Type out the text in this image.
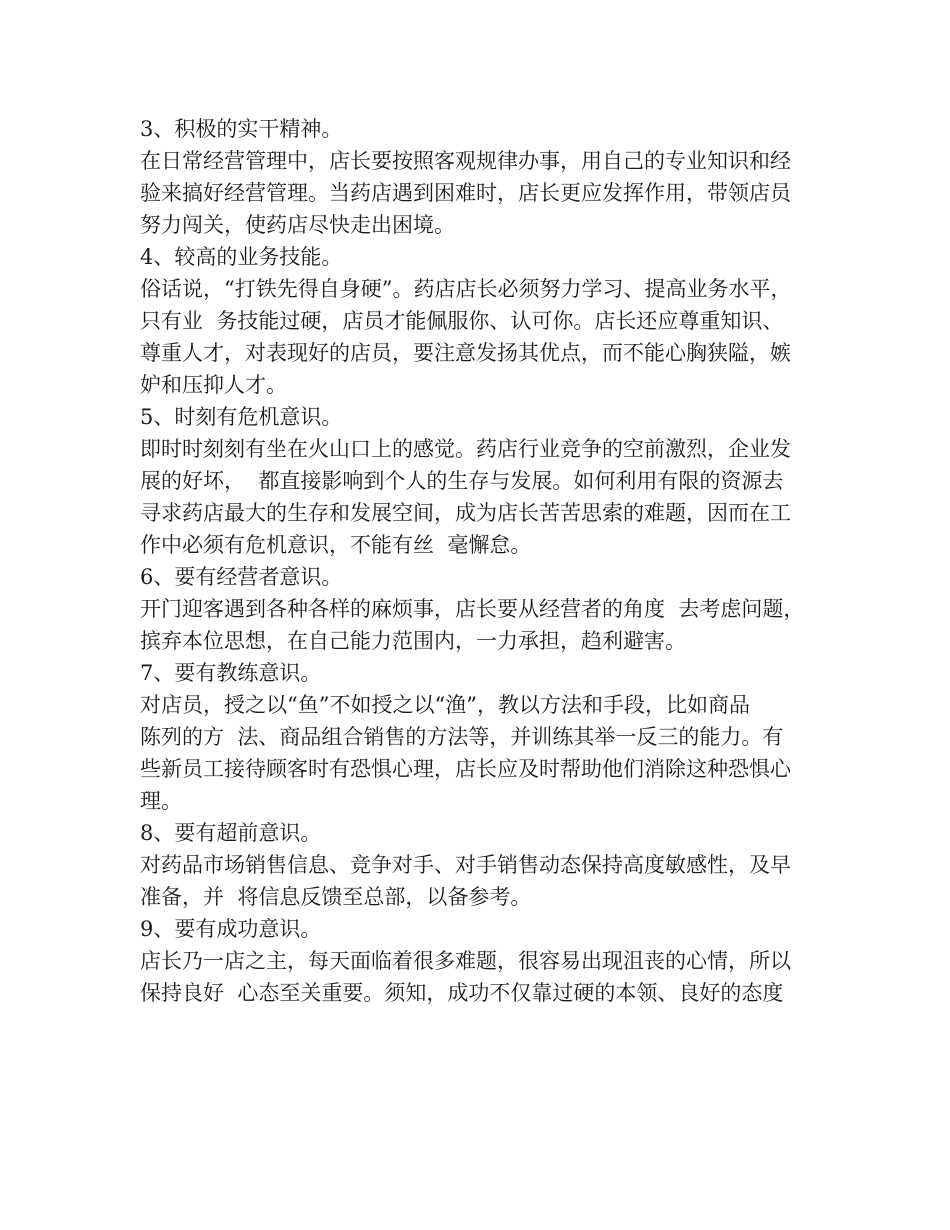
3、积极的实干精神。

在日常经营管理中，店长要按照客观规律办事，用自己的专业知识和经

验来搞好经营管理。当药店遇到困难时，店长更应发挥作用，带领店员

努力闯关，使药店尽快走出困境。

4、较高的业务技能。

俗话说，“打铁先得自身硬”。药店店长必须努力学习、提高业务水平，

只有业  务技能过硬，店员才能佩服你、认可你。店长还应尊重知识、

尊重人才，对表现好的店员，要注意发扬其优点，而不能心胸狭隘，嫉

妒和压抑人才。

5、时刻有危机意识。

即时时刻刻有坐在火山口上的感觉。药店行业竞争的空前激烈，企业发

展的好坏，  都直接影响到个人的生存与发展。如何利用有限的资源去

寻求药店最大的生存和发展空间，成为店长苦苦思索的难题，因而在工

作中必须有危机意识，不能有丝  毫懈怠。

6、要有经营者意识。

开门迎客遇到各种各样的麻烦事，店长要从经营者的角度  去考虑问题，

摈弃本位思想，在自己能力范围内，一力承担，趋利避害。

7、要有教练意识。

对店员，授之以“鱼”不如授之以“渔”，教以方法和手段，比如商品

陈列的方  法、商品组合销售的方法等，并训练其举一反三的能力。有

些新员工接待顾客时有恐惧心理，店长应及时帮助他们消除这种恐惧心

理。

8、要有超前意识。

对药品市场销售信息、竞争对手、对手销售动态保持高度敏感性，及早

准备，并  将信息反馈至总部，以备参考。

9、要有成功意识。

店长乃一店之主，每天面临着很多难题，很容易出现沮丧的心情，所以

保持良好  心态至关重要。须知，成功不仅靠过硬的本领、良好的态度
